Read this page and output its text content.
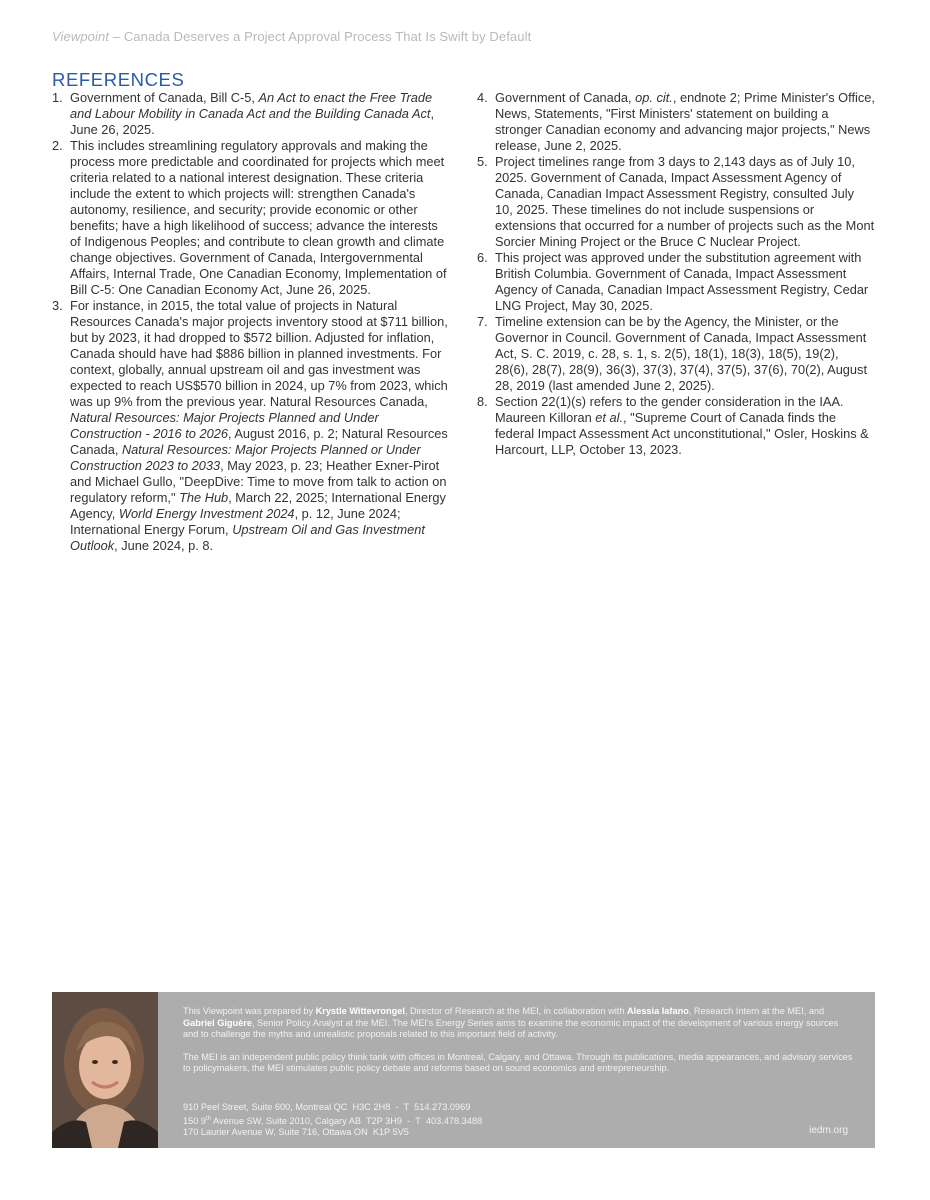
Viewpoint – Canada Deserves a Project Approval Process That Is Swift by Default
REFERENCES
1. Government of Canada, Bill C-5, An Act to enact the Free Trade and Labour Mobility in Canada Act and the Building Canada Act, June 26, 2025.
2. This includes streamlining regulatory approvals and making the process more predictable and coordinated for projects which meet criteria related to a national interest designation. These criteria include the extent to which projects will: strengthen Canada's autonomy, resilience, and security; provide economic or other benefits; have a high likelihood of success; advance the interests of Indigenous Peoples; and contribute to clean growth and climate change objectives. Government of Canada, Intergovernmental Affairs, Internal Trade, One Canadian Economy, Implementation of Bill C-5: One Canadian Economy Act, June 26, 2025.
3. For instance, in 2015, the total value of projects in Natural Resources Canada's major projects inventory stood at $711 billion, but by 2023, it had dropped to $572 billion. Adjusted for inflation, Canada should have had $886 billion in planned investments. For context, globally, annual upstream oil and gas investment was expected to reach US$570 billion in 2024, up 7% from 2023, which was up 9% from the previous year. Natural Resources Canada, Natural Resources: Major Projects Planned and Under Construction - 2016 to 2026, August 2016, p. 2; Natural Resources Canada, Natural Resources: Major Projects Planned or Under Construction 2023 to 2033, May 2023, p. 23; Heather Exner-Pirot and Michael Gullo, "DeepDive: Time to move from talk to action on regulatory reform," The Hub, March 22, 2025; International Energy Agency, World Energy Investment 2024, p. 12, June 2024; International Energy Forum, Upstream Oil and Gas Investment Outlook, June 2024, p. 8.
4. Government of Canada, op. cit., endnote 2; Prime Minister's Office, News, Statements, "First Ministers' statement on building a stronger Canadian economy and advancing major projects," News release, June 2, 2025.
5. Project timelines range from 3 days to 2,143 days as of July 10, 2025. Government of Canada, Impact Assessment Agency of Canada, Canadian Impact Assessment Registry, consulted July 10, 2025. These timelines do not include suspensions or extensions that occurred for a number of projects such as the Mont Sorcier Mining Project or the Bruce C Nuclear Project.
6. This project was approved under the substitution agreement with British Columbia. Government of Canada, Impact Assessment Agency of Canada, Canadian Impact Assessment Registry, Cedar LNG Project, May 30, 2025.
7. Timeline extension can be by the Agency, the Minister, or the Governor in Council. Government of Canada, Impact Assessment Act, S. C. 2019, c. 28, s. 1, s. 2(5), 18(1), 18(3), 18(5), 19(2), 28(6), 28(7), 28(9), 36(3), 37(3), 37(4), 37(5), 37(6), 70(2), August 28, 2019 (last amended June 2, 2025).
8. Section 22(1)(s) refers to the gender consideration in the IAA. Maureen Killoran et al., "Supreme Court of Canada finds the federal Impact Assessment Act unconstitutional," Osler, Hoskins & Harcourt, LLP, October 13, 2023.

This Viewpoint was prepared by Krystle Wittevrongel, Director of Research at the MEI, in collaboration with Alessia Iafano, Research Intern at the MEI, and Gabriel Giguère, Senior Policy Analyst at the MEI. The MEI's Energy Series aims to examine the economic impact of the development of various energy sources and to challenge the myths and unrealistic proposals related to this important field of activity.

The MEI is an independent public policy think tank with offices in Montreal, Calgary, and Ottawa. Through its publications, media appearances, and advisory services to policymakers, the MEI stimulates public policy debate and reforms based on sound economics and entrepreneurship.

910 Peel Street, Suite 600, Montreal QC  H3C 2H8  -  T  514.273.0969
150 9th Avenue SW, Suite 2010, Calgary AB  T2P 3H9  -  T  403.478.3488
170 Laurier Avenue W, Suite 716, Ottawa ON  K1P 5V5	iedm.org
